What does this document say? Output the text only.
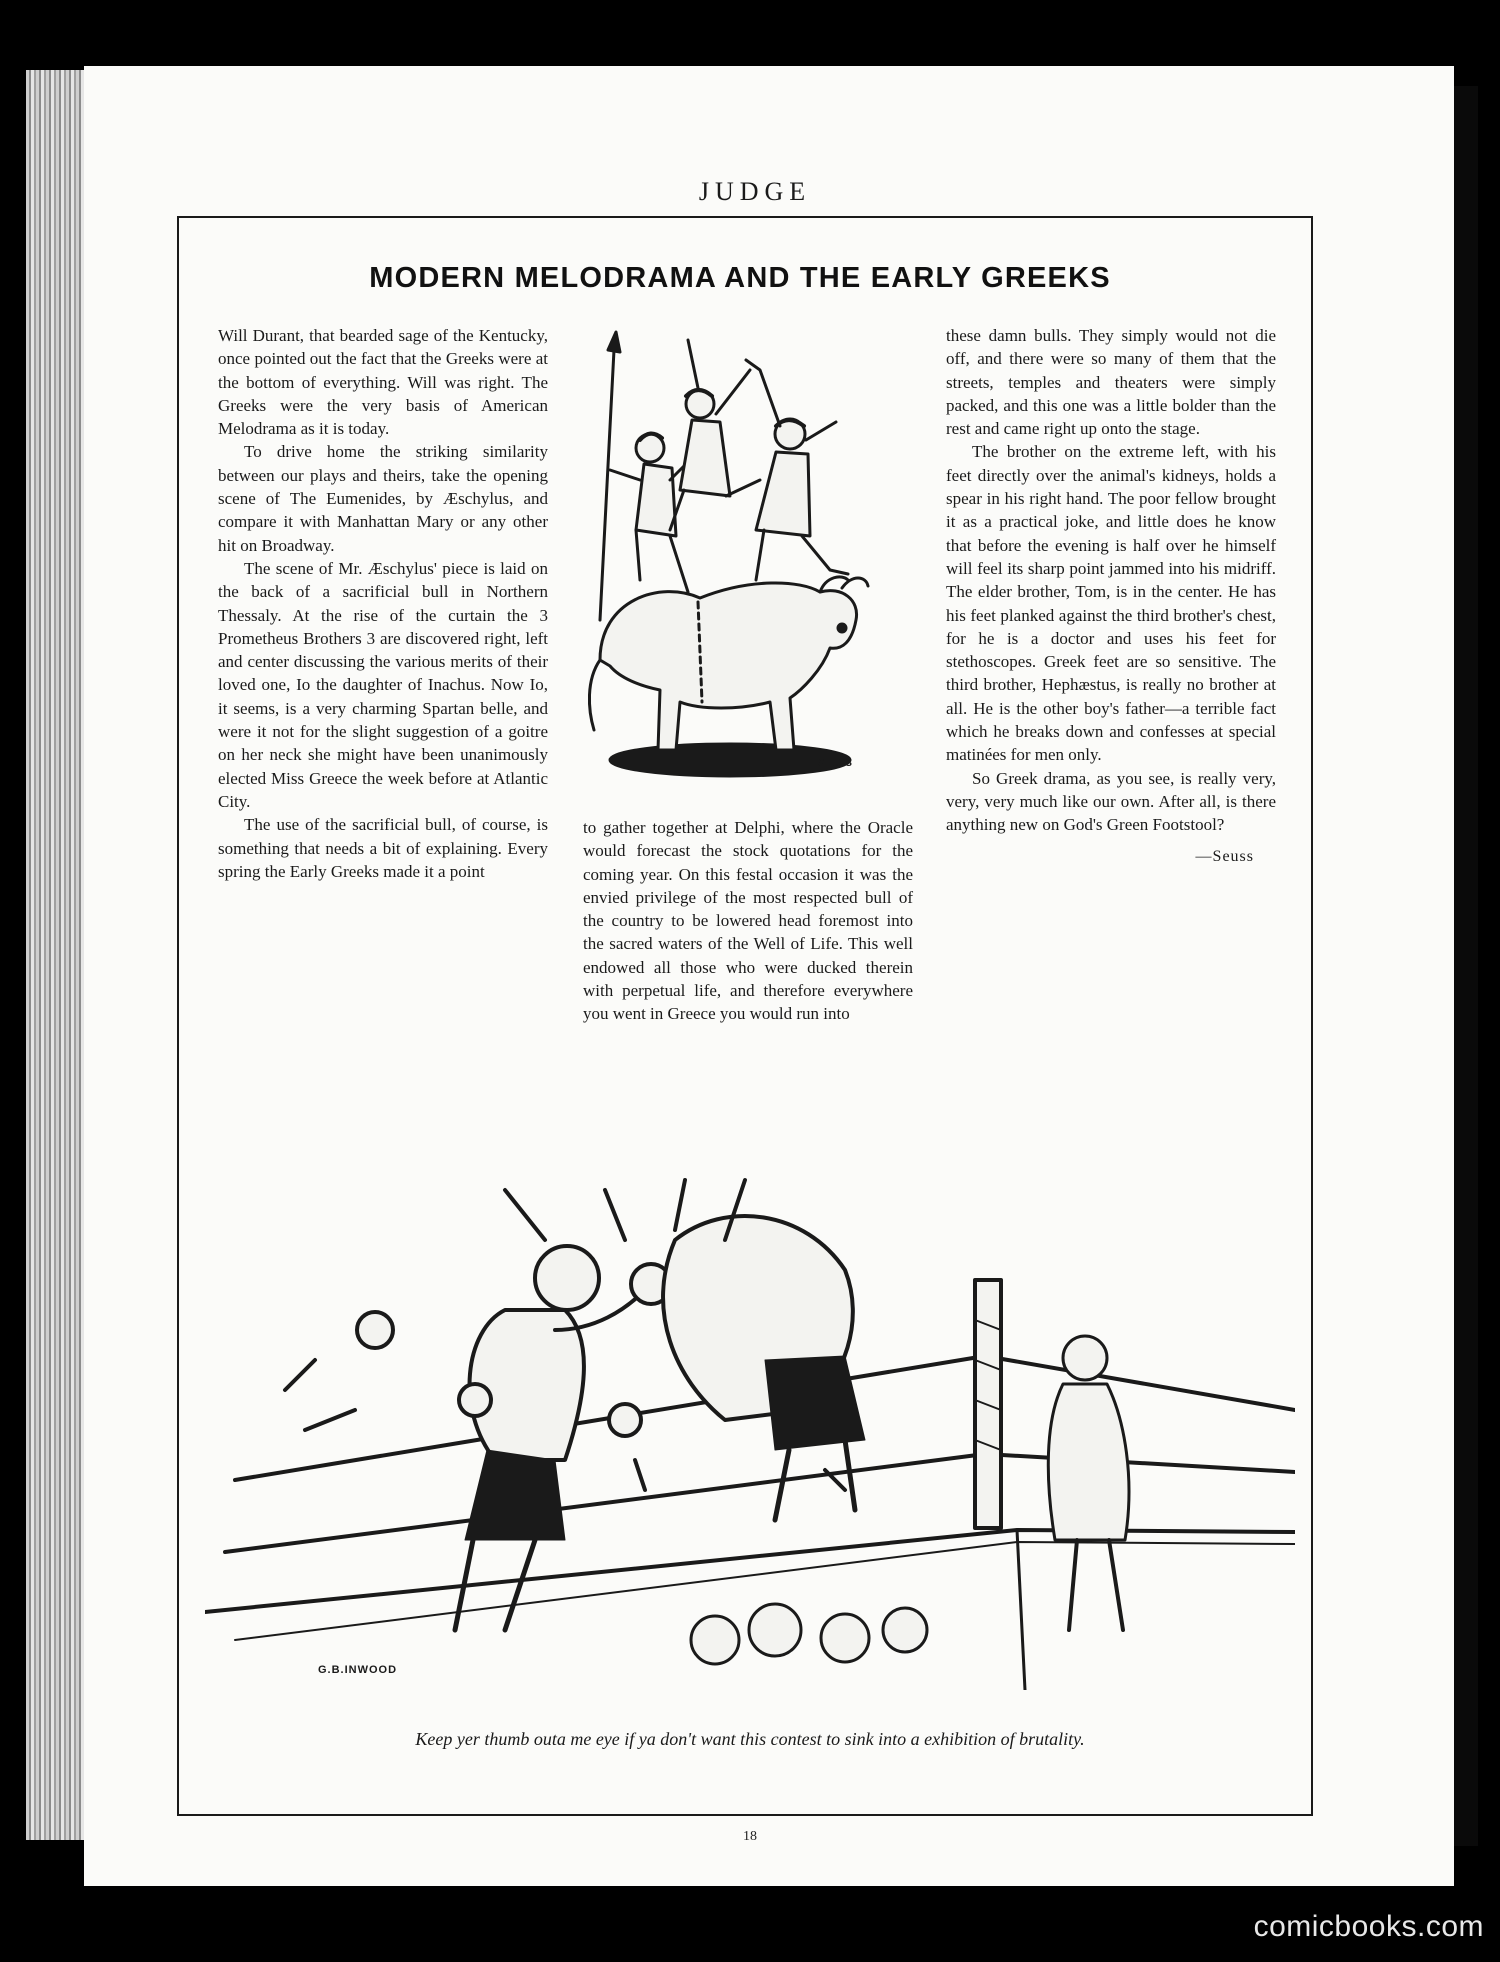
JUDGE
MODERN MELODRAMA AND THE EARLY GREEKS

Will Durant, that bearded sage of the Kentucky, once pointed out the fact that the Greeks were at the bottom of everything. Will was right. The Greeks were the very basis of American Melodrama as it is today.

To drive home the striking similarity between our plays and theirs, take the opening scene of The Eumenides, by Æschylus, and compare it with Manhattan Mary or any other hit on Broadway.

The scene of Mr. Æschylus' piece is laid on the back of a sacrificial bull in Northern Thessaly. At the rise of the curtain the 3 Prometheus Brothers 3 are discovered right, left and center discussing the various merits of their loved one, Io the daughter of Inachus. Now Io, it seems, is a very charming Spartan belle, and were it not for the slight suggestion of a goitre on her neck she might have been unanimously elected Miss Greece the week before at Atlantic City.

The use of the sacrificial bull, of course, is something that needs a bit of explaining. Every spring the Early Greeks made it a point

SEUSS

to gather together at Delphi, where the Oracle would forecast the stock quotations for the coming year. On this festal occasion it was the envied privilege of the most respected bull of the country to be lowered head foremost into the sacred waters of the Well of Life. This well endowed all those who were ducked therein with perpetual life, and therefore everywhere you went in Greece you would run into

these damn bulls. They simply would not die off, and there were so many of them that the streets, temples and theaters were simply packed, and this one was a little bolder than the rest and came right up onto the stage.

The brother on the extreme left, with his feet directly over the animal's kidneys, holds a spear in his right hand. The poor fellow brought it as a practical joke, and little does he know that before the evening is half over he himself will feel its sharp point jammed into his midriff. The elder brother, Tom, is in the center. He has his feet planked against the third brother's chest, for he is a doctor and uses his feet for stethoscopes. Greek feet are so sensitive. The third brother, Hephæstus, is really no brother at all. He is the other boy's father—a terrible fact which he breaks down and confesses at special matinées for men only.

So Greek drama, as you see, is really very, very, very much like our own. After all, is there anything new on God's Green Footstool?

—Seuss
G.B.INWOOD
Keep yer thumb outa me eye if ya don't want this contest to sink into a exhibition of brutality.
18
comicbooks.com
